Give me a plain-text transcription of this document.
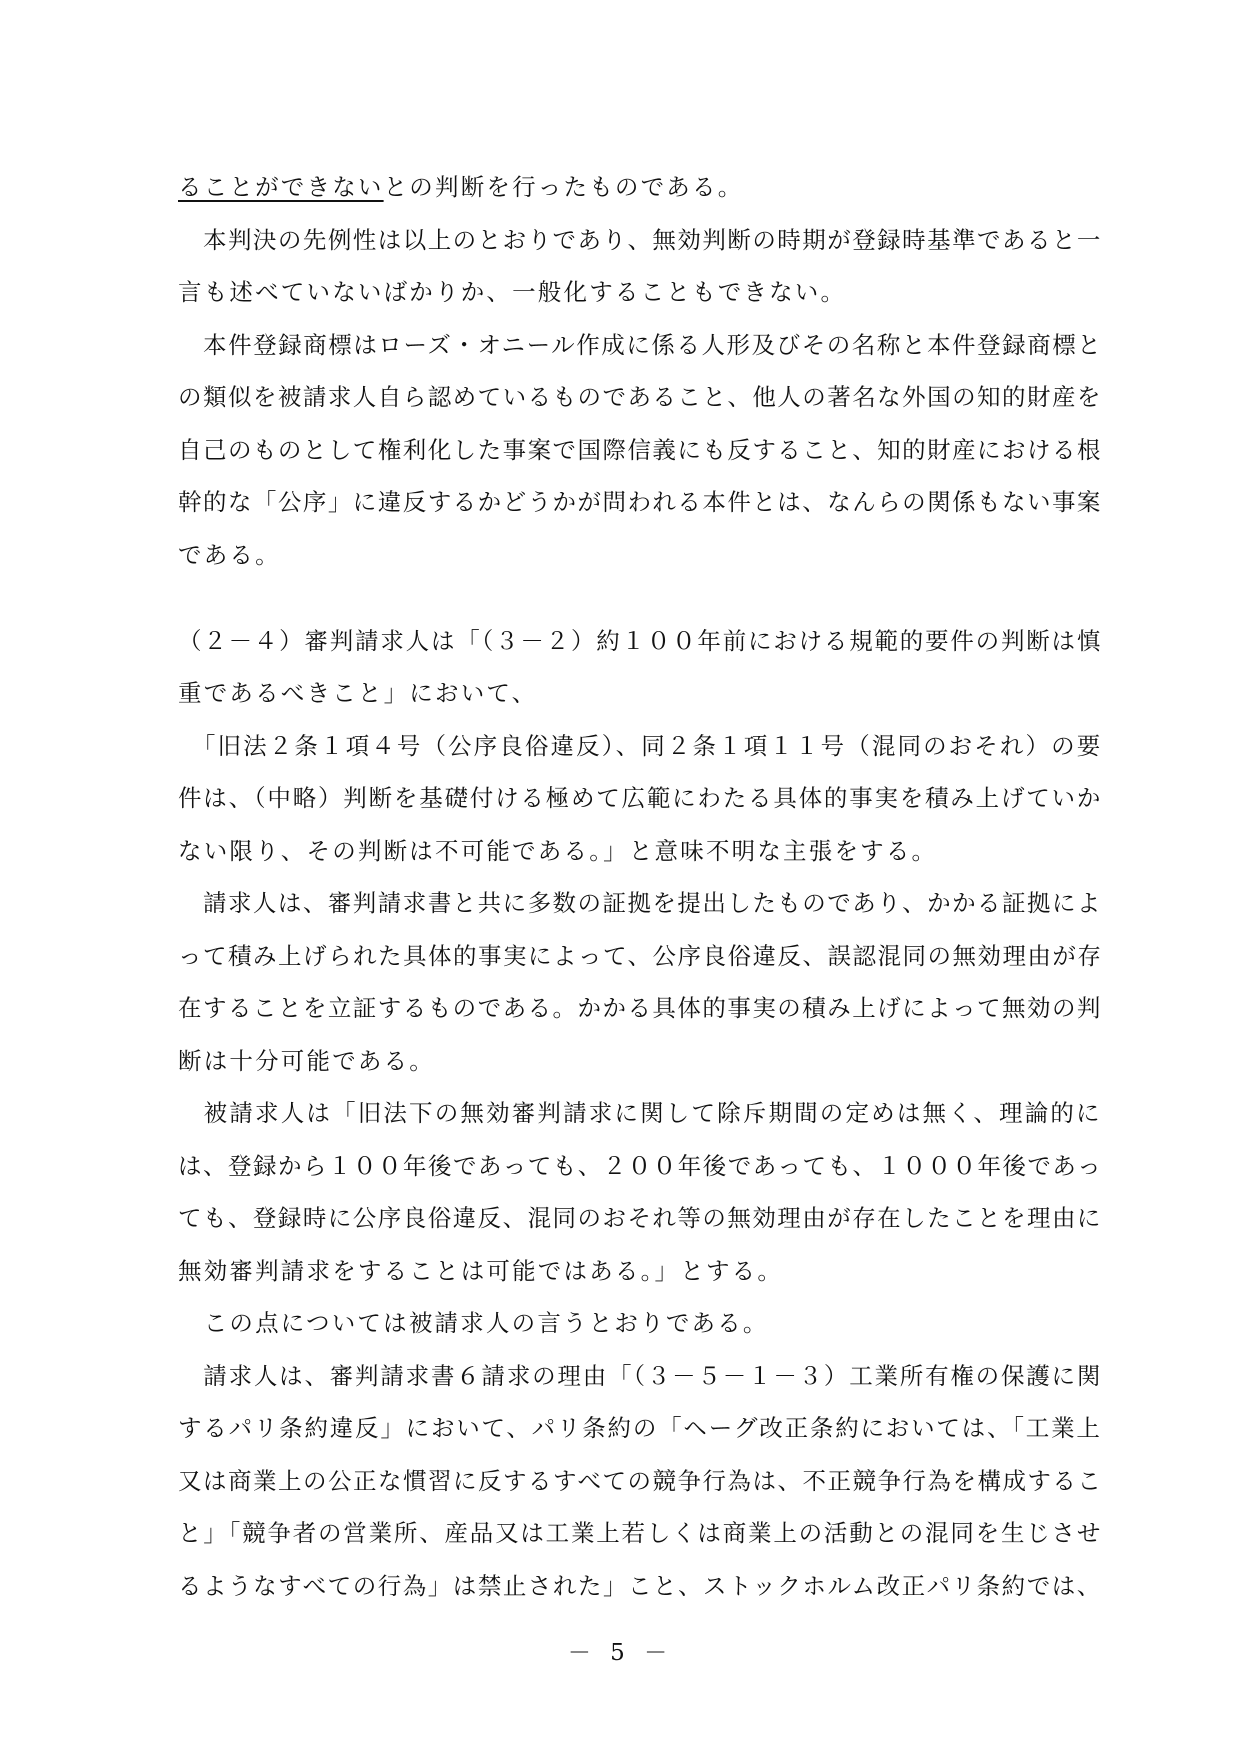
ることができないとの判断を行ったものである。
　本判決の先例性は以上のとおりであり、無効判断の時期が登録時基準であると一
言も述べていないばかりか、一般化することもできない。
　本件登録商標はローズ・オニール作成に係る人形及びその名称と本件登録商標と
の類似を被請求人自ら認めているものであること、他人の著名な外国の知的財産を
自己のものとして権利化した事案で国際信義にも反すること、知的財産における根
幹的な「公序」に違反するかどうかが問われる本件とは、なんらの関係もない事案
である。
（２－４）審判請求人は「（３－２）約１００年前における規範的要件の判断は慎
重であるべきこと」において、
　「旧法２条１項４号（公序良俗違反）、同２条１項１１号（混同のおそれ）の要
件は、（中略）判断を基礎付ける極めて広範にわたる具体的事実を積み上げていか
ない限り、その判断は不可能である。」と意味不明な主張をする。
　請求人は、審判請求書と共に多数の証拠を提出したものであり、かかる証拠によ
って積み上げられた具体的事実によって、公序良俗違反、誤認混同の無効理由が存
在することを立証するものである。かかる具体的事実の積み上げによって無効の判
断は十分可能である。
　被請求人は「旧法下の無効審判請求に関して除斥期間の定めは無く、理論的に
は、登録から１００年後であっても、２００年後であっても、１０００年後であっ
ても、登録時に公序良俗違反、混同のおそれ等の無効理由が存在したことを理由に
無効審判請求をすることは可能ではある。」とする。
　この点については被請求人の言うとおりである。
　請求人は、審判請求書６請求の理由「（３－５－１－３）工業所有権の保護に関
するパリ条約違反」において、パリ条約の「ヘーグ改正条約においては、「工業上
又は商業上の公正な慣習に反するすべての競争行為は、不正競争行為を構成するこ
と」「競争者の営業所、産品又は工業上若しくは商業上の活動との混同を生じさせ
るようなすべての行為」は禁止された」こと、ストックホルム改正パリ条約では、
－ 5 －
